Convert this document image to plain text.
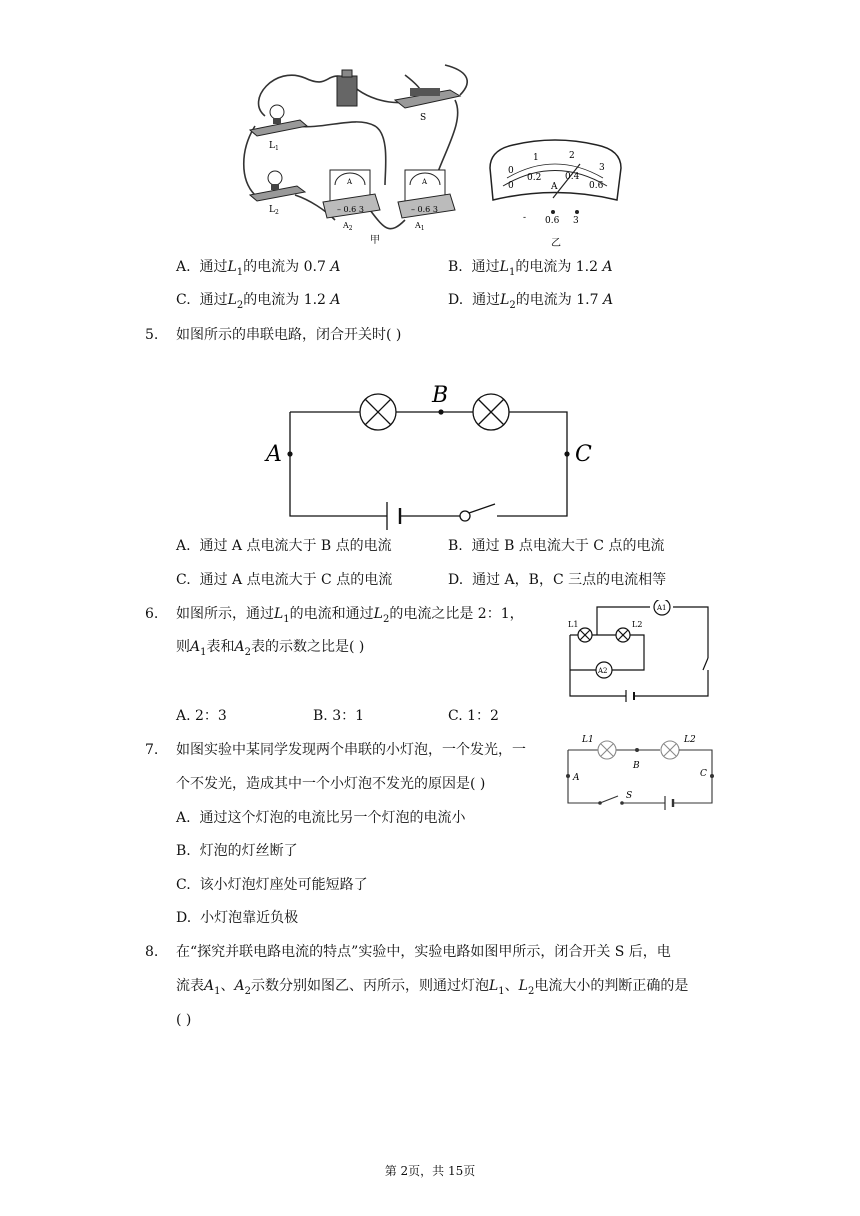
S
$L_1$
$L_2$
A
– 0.6 3
$A_2$
甲
A
– 0.6 3
$A_1$
0
1	2
3
0
0.2	0.4
0.6
A
- 0.6 3
乙
A. 通过$L_1$的电流为 0.7 A	B. 通过$L_1$的电流为 1.2 A
C. 通过$L_2$的电流为 1.2 A	D. 通过$L_2$的电流为 1.7 A
5. 如图所示的串联电路，闭合开关时( )
B
A	C
A. 通过 A 点电流大于 B 点的电流	B. 通过 B 点电流大于 C 点的电流
C. 通过 A 点电流大于 C 点的电流	D. 通过 A，B，C 三点的电流相等
6. 如图所示，通过$L_1$的电流和通过$L_2$的电流之比是 2：1，
则$A_1$表和$A_2$表的示数之比是( )
A1
A2
L1	L2
A. 2：3	B. 3：1	C. 1：2
7. 如图实验中某同学发现两个串联的小灯泡，一个发光，一
个不发光，造成其中一个小灯泡不发光的原因是( )
L1	L2
B
A	C
S
A. 通过这个灯泡的电流比另一个灯泡的电流小
B. 灯泡的灯丝断了
C. 该小灯泡灯座处可能短路了
D. 小灯泡靠近负极
8. 在“探究并联电路电流的特点”实验中，实验电路如图甲所示，闭合开关 S 后，电
流表$A_1$、$A_2$示数分别如图乙、丙所示，则通过灯泡$L_1$、$L_2$电流大小的判断正确的是
( )
第 2页，共 15页
